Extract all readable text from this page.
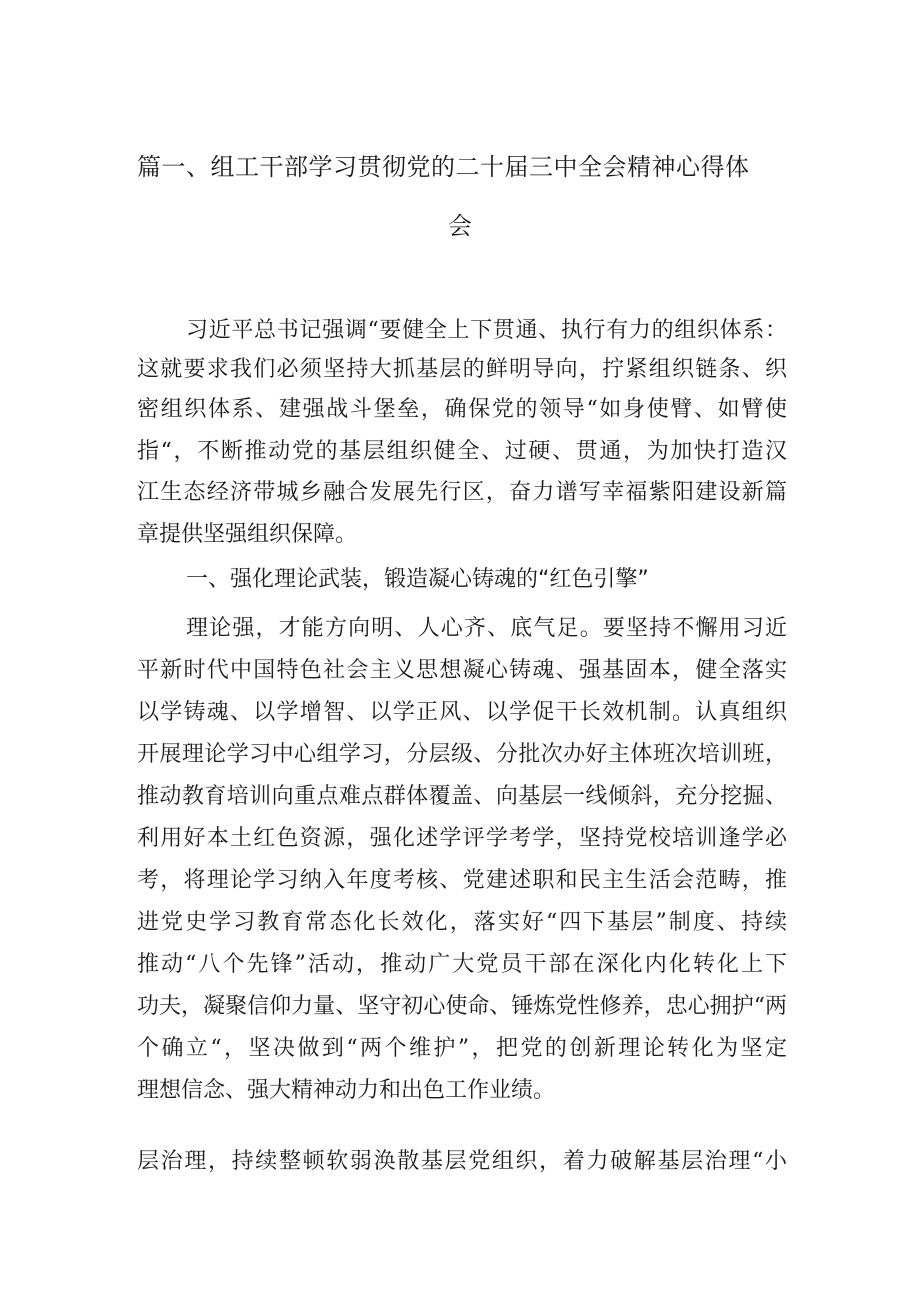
篇一、组工干部学习贯彻党的二十届三中全会精神心得体
会
习近平总书记强调“要健全上下贯通、执行有力的组织体系：
这就要求我们必须坚持大抓基层的鲜明导向，拧紧组织链条、织
密组织体系、建强战斗堡垒，确保党的领导“如身使臂、如臂使
指“，不断推动党的基层组织健全、过硬、贯通，为加快打造汉
江生态经济带城乡融合发展先行区，奋力谱写幸福紫阳建设新篇
章提供坚强组织保障。
一、强化理论武装，锻造凝心铸魂的“红色引擎”
理论强，才能方向明、人心齐、底气足。要坚持不懈用习近
平新时代中国特色社会主义思想凝心铸魂、强基固本，健全落实
以学铸魂、以学增智、以学正风、以学促干长效机制。认真组织
开展理论学习中心组学习，分层级、分批次办好主体班次培训班，
推动教育培训向重点难点群体覆盖、向基层一线倾斜，充分挖掘、
利用好本土红色资源，强化述学评学考学，坚持党校培训逢学必
考，将理论学习纳入年度考核、党建述职和民主生活会范畴，推
进党史学习教育常态化长效化，落实好“四下基层”制度、持续
推动“八个先锋”活动，推动广大党员干部在深化内化转化上下
功夫，凝聚信仰力量、坚守初心使命、锤炼党性修养，忠心拥护“两
个确立“，坚决做到“两个维护”，把党的创新理论转化为坚定
理想信念、强大精神动力和出色工作业绩。
层治理，持续整顿软弱涣散基层党组织，着力破解基层治理“小
